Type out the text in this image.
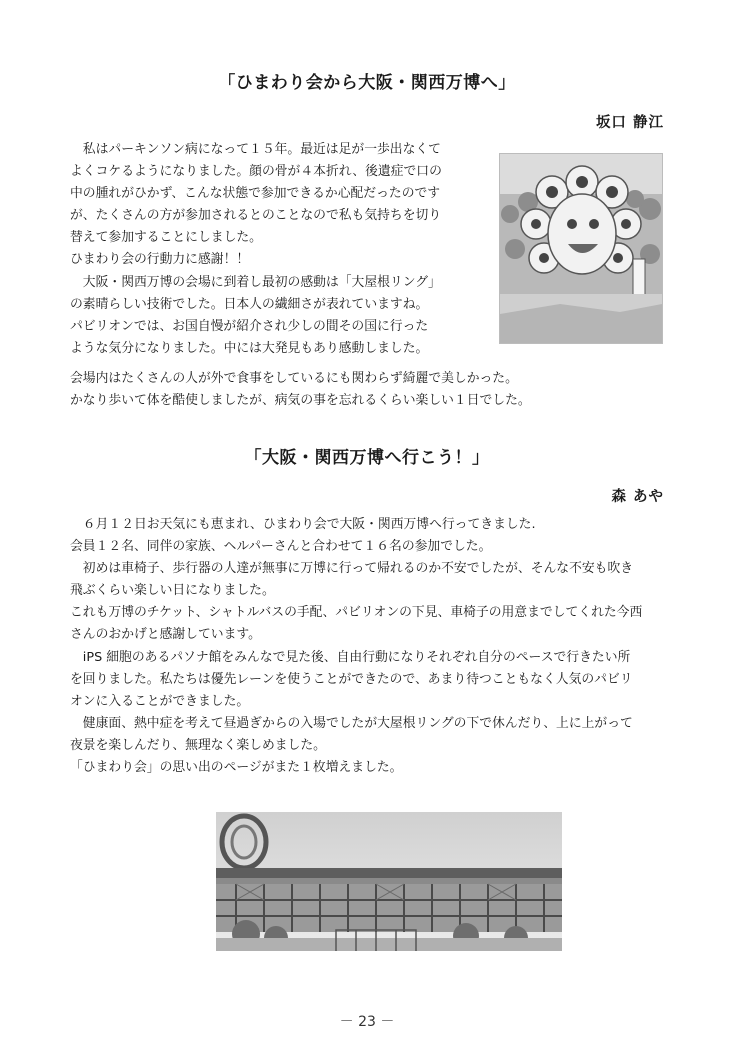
「ひまわり会から大阪・関西万博へ」
坂口 静江

　私はパーキンソン病になって１５年。最近は足が一歩出なくて

よくコケるようになりました。顔の骨が４本折れ、後遺症で口の

中の腫れがひかず、こんな状態で参加できるか心配だったのです

が、たくさんの方が参加されるとのことなので私も気持ちを切り

替えて参加することにしました。

ひまわり会の行動力に感謝！！

　大阪・関西万博の会場に到着し最初の感動は「大屋根リング」

の素晴らしい技術でした。日本人の繊細さが表れていますね。

パビリオンでは、お国自慢が紹介され少しの間その国に行った

ような気分になりました。中には大発見もあり感動しました。

会場内はたくさんの人が外で食事をしているにも関わらず綺麗で美しかった。

かなり歩いて体を酷使しましたが、病気の事を忘れるくらい楽しい１日でした。

「大阪・関西万博へ行こう！」
森 あや

　６月１２日お天気にも恵まれ、ひまわり会で大阪・関西万博へ行ってきました.

会員１２名、同伴の家族、ヘルパーさんと合わせて１６名の参加でした。

　初めは車椅子、歩行器の人達が無事に万博に行って帰れるのか不安でしたが、そんな不安も吹き

飛ぶくらい楽しい日になりました。

これも万博のチケット、シャトルバスの手配、パビリオンの下見、車椅子の用意までしてくれた今西

さんのおかげと感謝しています。

　iPS 細胞のあるパソナ館をみんなで見た後、自由行動になりそれぞれ自分のペースで行きたい所

を回りました。私たちは優先レーンを使うことができたので、あまり待つこともなく人気のパビリ

オンに入ることができました。

　健康面、熱中症を考えて昼過ぎからの入場でしたが大屋根リングの下で休んだり、上に上がって

夜景を楽しんだり、無理なく楽しめました。

「ひまわり会」の思い出のページがまた１枚増えました。

－ 23 －
